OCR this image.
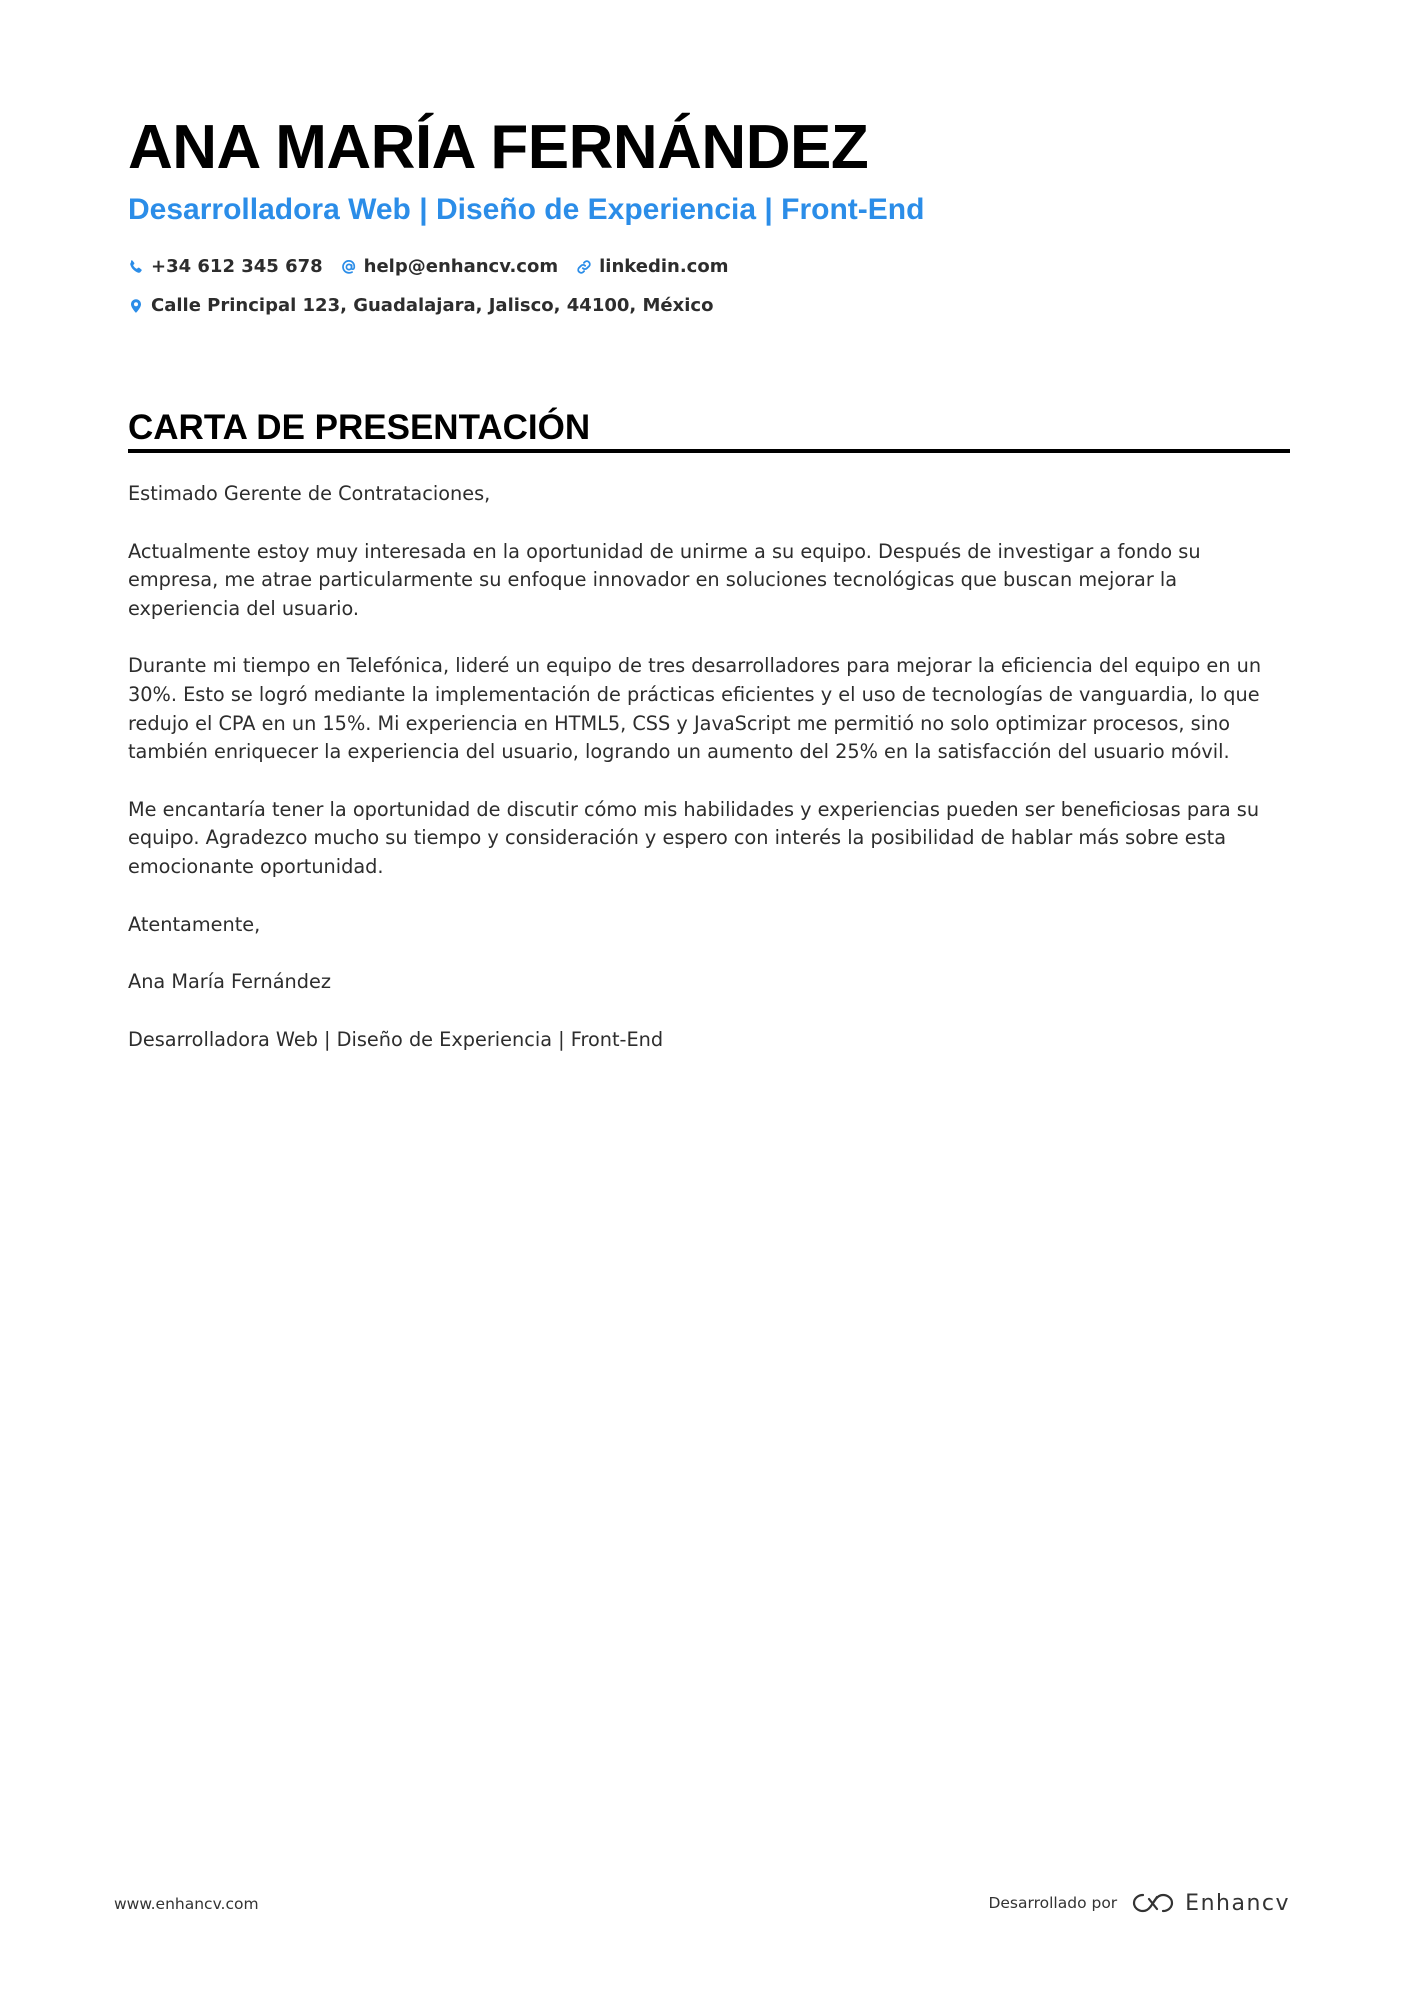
ANA MARÍA FERNÁNDEZ
Desarrolladora Web | Diseño de Experiencia | Front-End
+34 612 345 678 help@enhancv.com linkedin.com
Calle Principal 123, Guadalajara, Jalisco, 44100, México
CARTA DE PRESENTACIÓN

Estimado Gerente de Contrataciones,

Actualmente estoy muy interesada en la oportunidad de unirme a su equipo. Después de investigar a fondo su empresa, me atrae particularmente su enfoque innovador en soluciones tecnológicas que buscan mejorar la experiencia del usuario.

Durante mi tiempo en Telefónica, lideré un equipo de tres desarrolladores para mejorar la eficiencia del equipo en un 30%. Esto se logró mediante la implementación de prácticas eficientes y el uso de tecnologías de vanguardia, lo que redujo el CPA en un 15%. Mi experiencia en HTML5, CSS y JavaScript me permitió no solo optimizar procesos, sino también enriquecer la experiencia del usuario, logrando un aumento del 25% en la satisfacción del usuario móvil.

Me encantaría tener la oportunidad de discutir cómo mis habilidades y experiencias pueden ser beneficiosas para su equipo. Agradezco mucho su tiempo y consideración y espero con interés la posibilidad de hablar más sobre esta emocionante oportunidad.

Atentamente,

Ana María Fernández

Desarrolladora Web | Diseño de Experiencia | Front-End

www.enhancv.com	Desarrollado por	Enhancv
